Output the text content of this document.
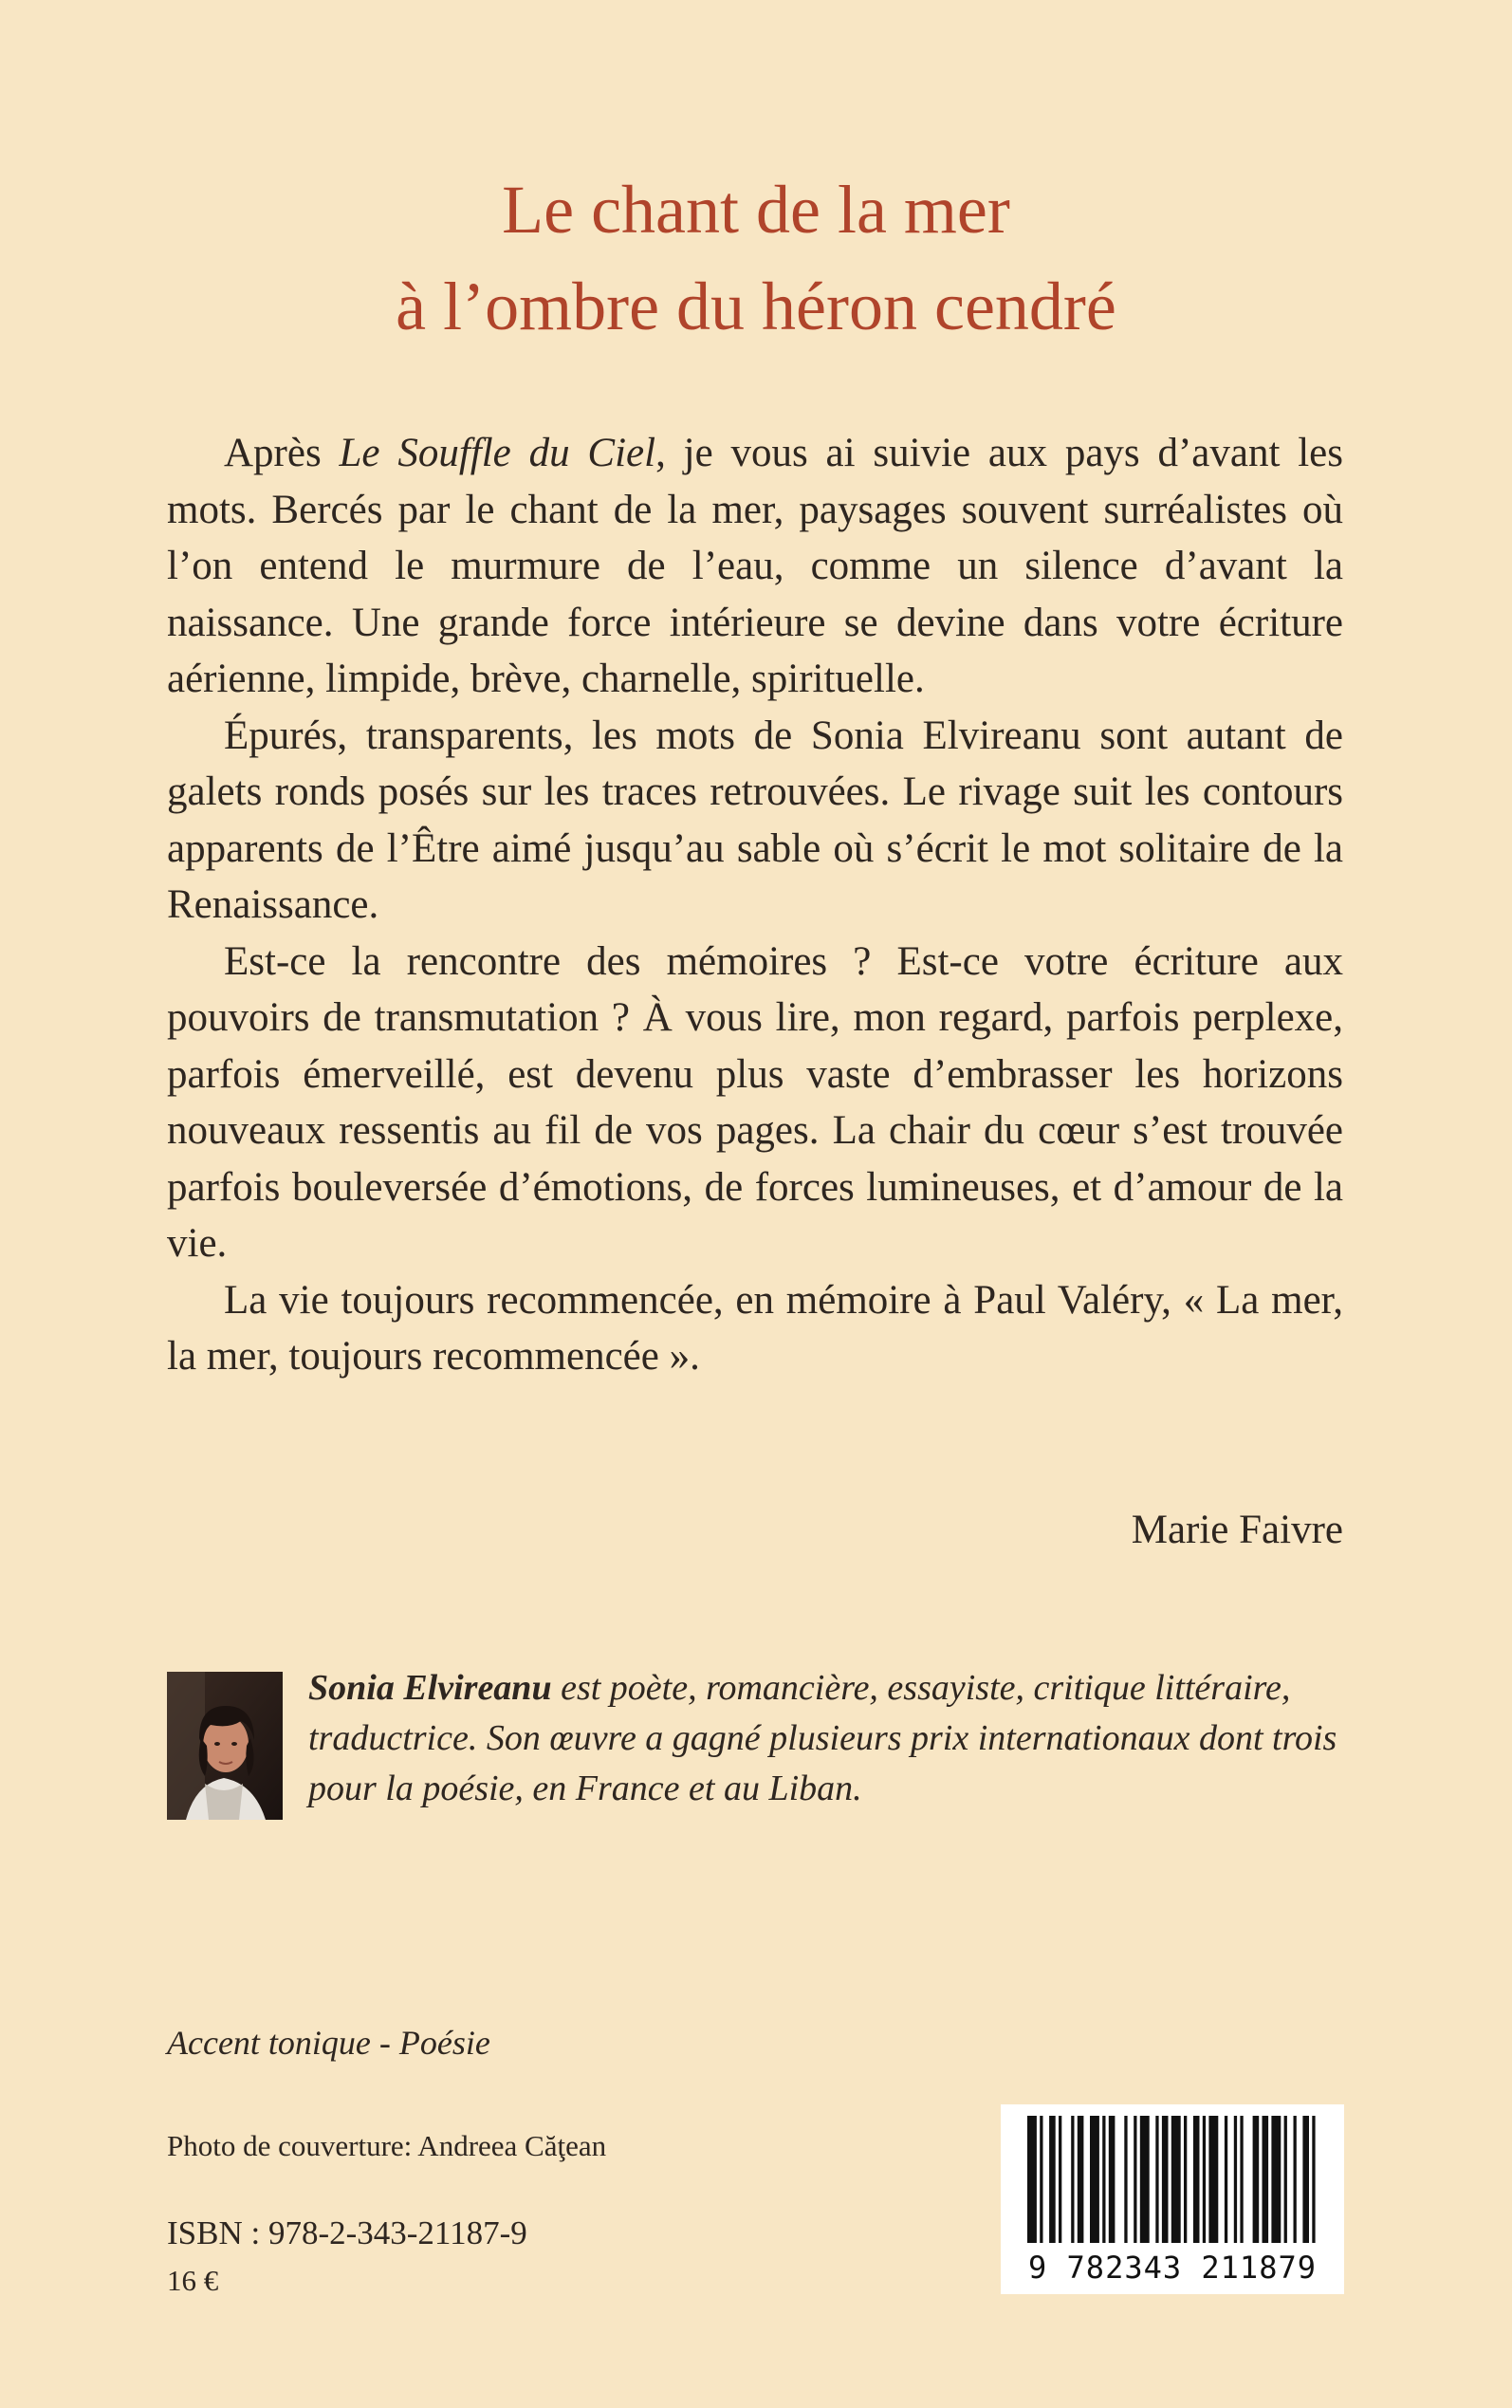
Le chant de la mer
à l’ombre du héron cendré

Après Le Souffle du Ciel, je vous ai suivie aux pays d’avant les mots. Bercés par le chant de la mer, paysages souvent surréalistes où l’on entend le murmure de l’eau, comme un silence d’avant la naissance. Une grande force intérieure se devine dans votre écriture aérienne, limpide, brève, charnelle, spirituelle.

Épurés, transparents, les mots de Sonia Elvireanu sont autant de galets ronds posés sur les traces retrouvées. Le rivage suit les contours apparents de l’Être aimé jusqu’au sable où s’écrit le mot solitaire de la Renaissance.

Est-ce la rencontre des mémoires ? Est-ce votre écriture aux pouvoirs de transmutation ? À vous lire, mon regard, parfois perplexe, parfois émerveillé, est devenu plus vaste d’embrasser les horizons nouveaux ressentis au fil de vos pages. La chair du cœur s’est trouvée parfois bouleversée d’émotions, de forces lumineuses, et d’amour de la vie.

La vie toujours recommencée, en mémoire à Paul Valéry, « La mer, la mer, toujours recommencée ».

Marie Faivre
Sonia Elvireanu est poète, romancière, essayiste, critique littéraire, traductrice. Son œuvre a gagné plusieurs prix internationaux dont trois pour la poésie, en France et au Liban.
Accent tonique - Poésie
Photo de couverture: Andreea Căţean
ISBN : 978-2-343-21187-9
16 €	9 782343 211879
